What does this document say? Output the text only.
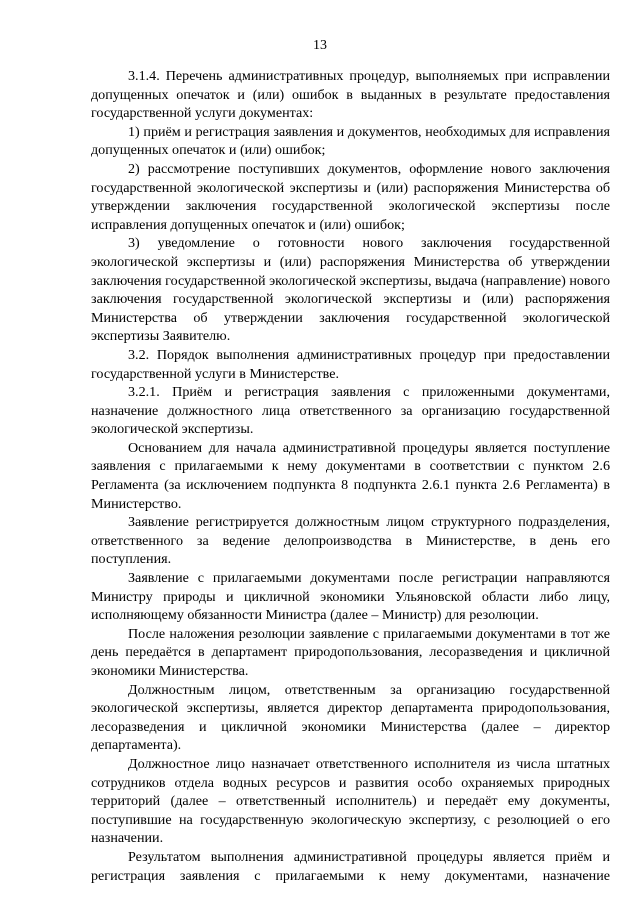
13

3.1.4. Перечень административных процедур, выполняемых при исправлении допущенных опечаток и (или) ошибок в выданных в результате предоставления государственной услуги документах:

1) приём и регистрация заявления и документов, необходимых для исправления допущенных опечаток и (или) ошибок;

2) рассмотрение поступивших документов, оформление нового заключения государственной экологической экспертизы и (или) распоряжения Министерства об утверждении заключения государственной экологической экспертизы после исправления допущенных опечаток и (или) ошибок;

3) уведомление о готовности нового заключения государственной экологической экспертизы и (или) распоряжения Министерства об утверждении заключения государственной экологической экспертизы, выдача (направление) нового заключения государственной экологической экспертизы и (или) распоряжения Министерства об утверждении заключения государственной экологической экспертизы Заявителю.

3.2. Порядок выполнения административных процедур при предоставлении государственной услуги в Министерстве.

3.2.1. Приём и регистрация заявления с приложенными документами, назначение должностного лица ответственного за организацию государственной экологической экспертизы.

Основанием для начала административной процедуры является поступление заявления с прилагаемыми к нему документами в соответствии с пунктом 2.6 Регламента (за исключением подпункта 8 подпункта 2.6.1 пункта 2.6 Регламента) в Министерство.

Заявление регистрируется должностным лицом структурного подразделения, ответственного за ведение делопроизводства в Министерстве, в день его поступления.

Заявление с прилагаемыми документами после регистрации направляются Министру природы и цикличной экономики Ульяновской области либо лицу, исполняющему обязанности Министра (далее – Министр) для резолюции.

После наложения резолюции заявление с прилагаемыми документами в тот же день передаётся в департамент природопользования, лесоразведения и цикличной экономики Министерства.

Должностным лицом, ответственным за организацию государственной экологической экспертизы, является директор департамента природопользования, лесоразведения и цикличной экономики Министерства (далее – директор департамента).

Должностное лицо назначает ответственного исполнителя из числа штатных сотрудников отдела водных ресурсов и развития особо охраняемых природных территорий (далее – ответственный исполнитель) и передаёт ему документы, поступившие на государственную экологическую экспертизу, с резолюцией о его назначении.

Результатом выполнения административной процедуры является приём и регистрация заявления с прилагаемыми к нему документами, назначение
